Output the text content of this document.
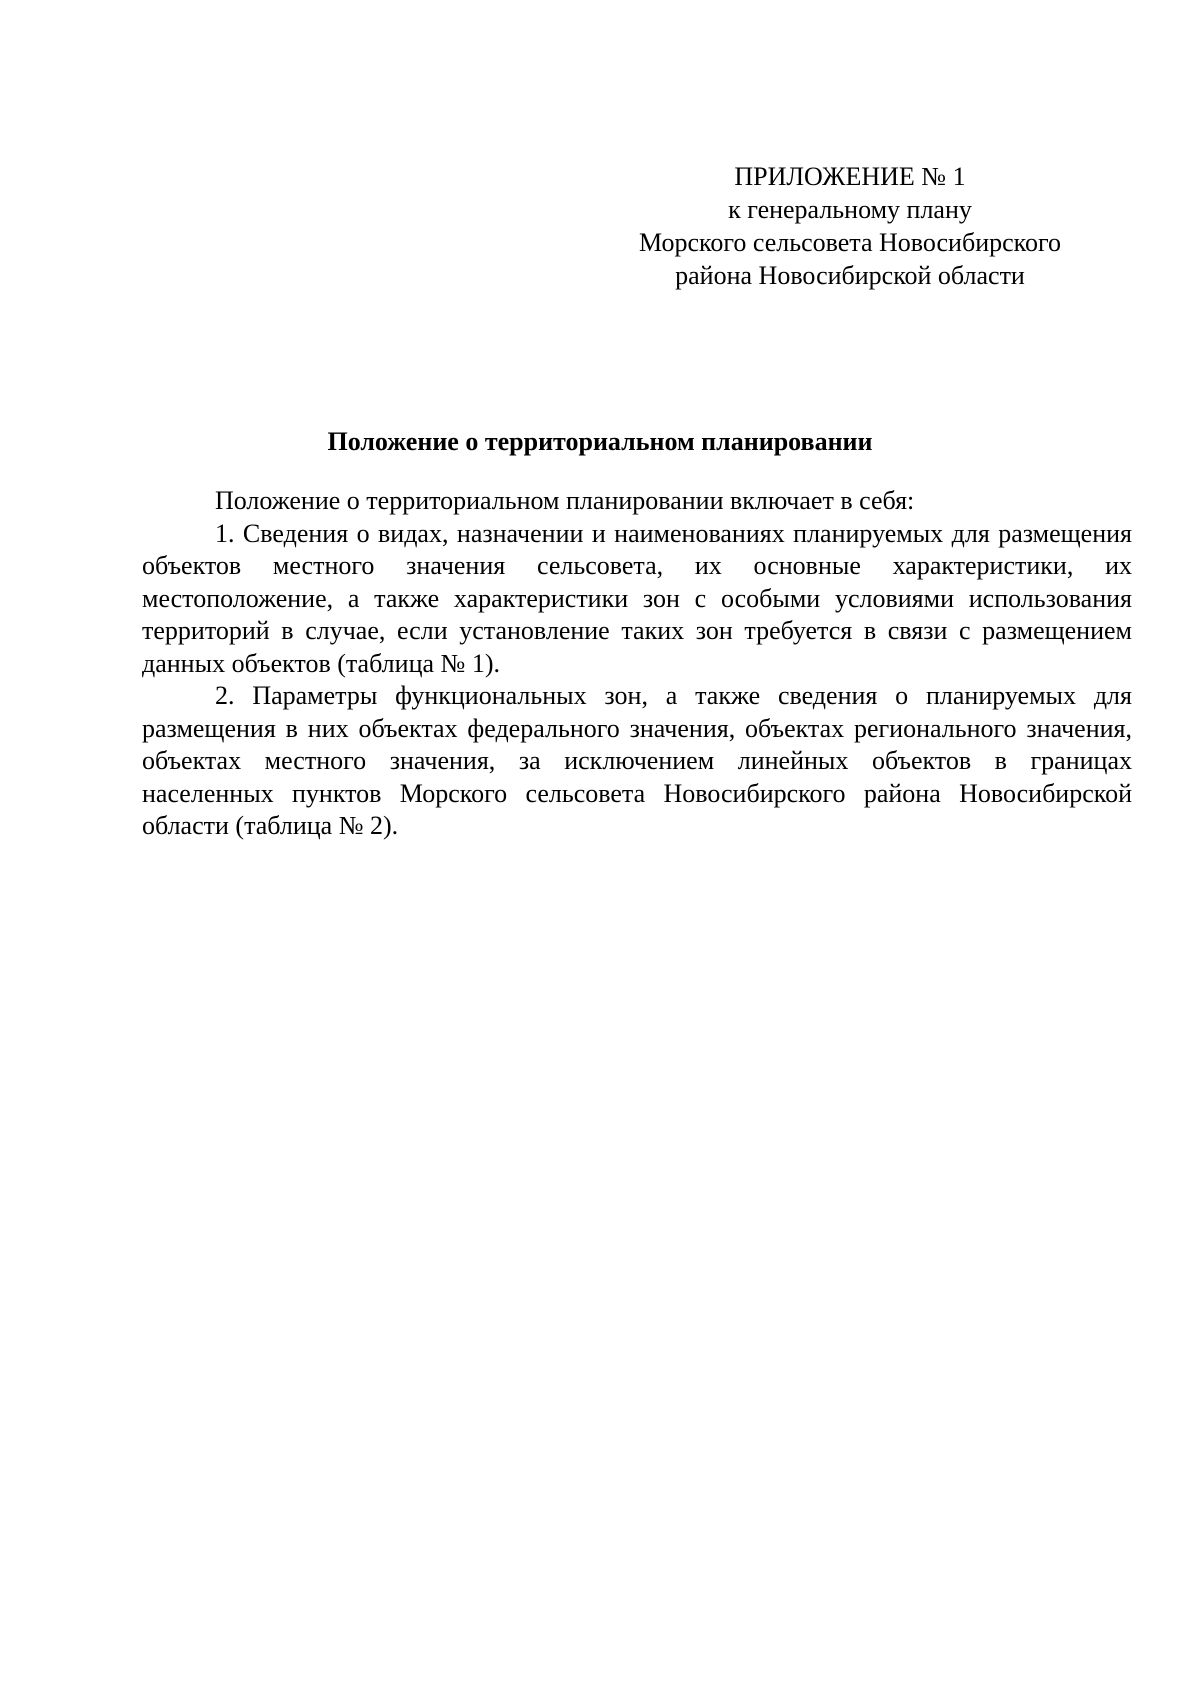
ПРИЛОЖЕНИЕ № 1
к генеральному плану
Морского сельсовета Новосибирского
района Новосибирской области
Положение о территориальном планировании

Положение о территориальном планировании включает в себя:

1. Сведения о видах, назначении и наименованиях планируемых для размещения объектов местного значения сельсовета, их основные характеристики, их местоположение, а также характеристики зон с особыми условиями использования территорий в случае, если установление таких зон требуется в связи с размещением данных объектов (таблица № 1).

2. Параметры функциональных зон, а также сведения о планируемых для размещения в них объектах федерального значения, объектах регионального значения, объектах местного значения, за исключением линейных объектов в границах населенных пунктов Морского сельсовета Новосибирского района Новосибирской области (таблица № 2).
